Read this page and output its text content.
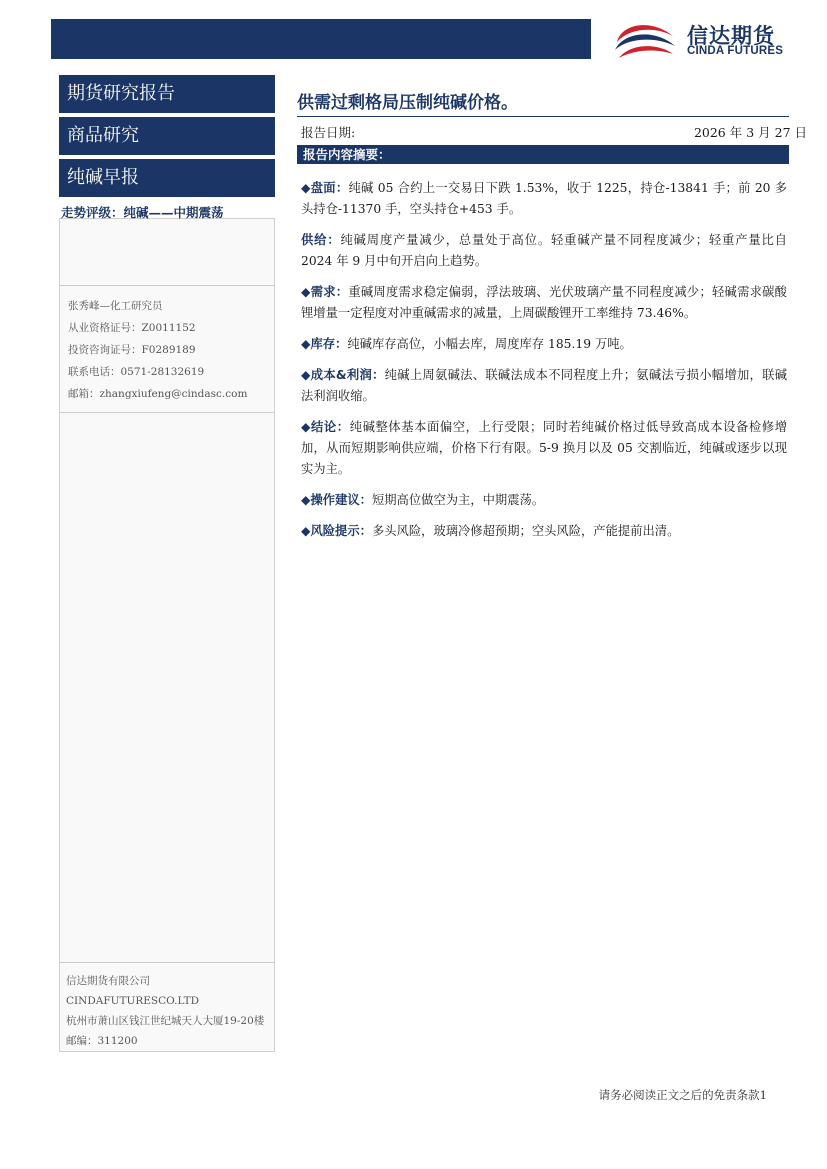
信达期货
CINDA FUTURES
期货研究报告
商品研究
纯碱早报
走势评级：纯碱——中期震荡
张秀峰—化工研究员
从业资格证号：Z0011152
投资咨询证号：F0289189
联系电话：0571-28132619
邮箱：zhangxiufeng@cindasc.com
信达期货有限公司
CINDAFUTURESCO.LTD
杭州市萧山区钱江世纪城天人大厦19-20楼
邮编：311200
供需过剩格局压制纯碱价格。
报告日期:	2026 年 3 月 27 日
报告内容摘要：

◆盘面：纯碱 05 合约上一交易日下跌 1.53%，收于 1225，持仓-13841 手；前 20 多头持仓-11370 手，空头持仓+453 手。

供给：纯碱周度产量减少，总量处于高位。轻重碱产量不同程度减少；轻重产量比自 2024 年 9 月中旬开启向上趋势。

◆需求：重碱周度需求稳定偏弱，浮法玻璃、光伏玻璃产量不同程度减少；轻碱需求碳酸锂增量一定程度对冲重碱需求的减量，上周碳酸锂开工率维持 73.46%。

◆库存：纯碱库存高位，小幅去库，周度库存 185.19 万吨。

◆成本&利润：纯碱上周氨碱法、联碱法成本不同程度上升；氨碱法亏损小幅增加，联碱法利润收缩。

◆结论：纯碱整体基本面偏空，上行受限；同时若纯碱价格过低导致高成本设备检修增加，从而短期影响供应端，价格下行有限。5-9 换月以及 05 交割临近，纯碱或逐步以现实为主。

◆操作建议：短期高位做空为主，中期震荡。

◆风险提示：多头风险，玻璃冷修超预期；空头风险，产能提前出清。

请务必阅读正文之后的免责条款1
